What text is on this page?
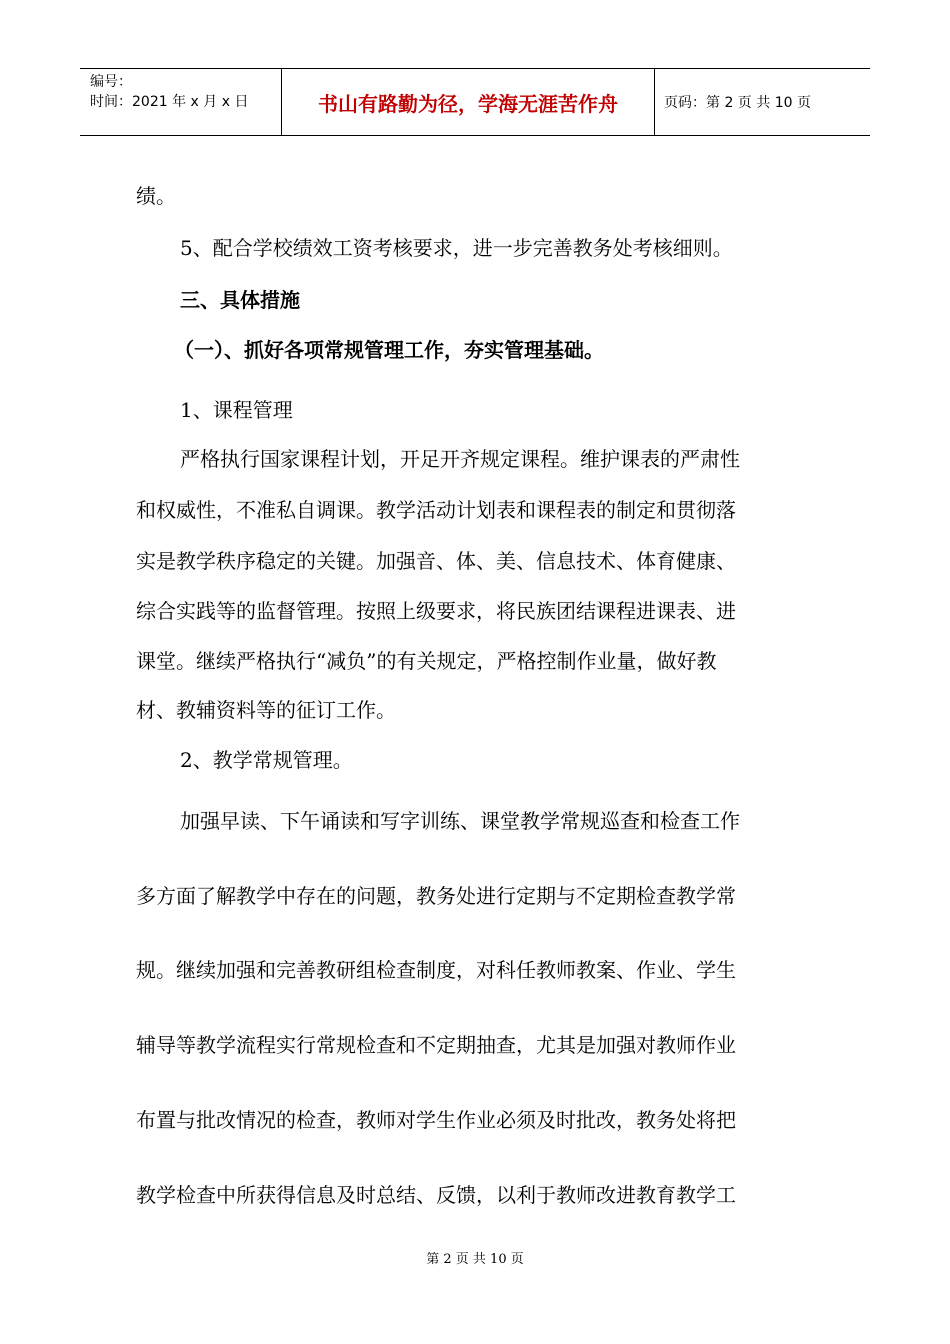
编号：
时间：2021 年 x 月 x 日	书山有路勤为径，学海无涯苦作舟	页码：第 2 页 共 10 页
绩。
5、配合学校绩效工资考核要求，进一步完善教务处考核细则。
三、具体措施
（一）、抓好各项常规管理工作，夯实管理基础。
1、课程管理
严格执行国家课程计划，开足开齐规定课程。维护课表的严肃性
和权威性，不准私自调课。教学活动计划表和课程表的制定和贯彻落
实是教学秩序稳定的关键。加强音、体、美、信息技术、体育健康、
综合实践等的监督管理。按照上级要求，将民族团结课程进课表、进
课堂。继续严格执行“减负”的有关规定，严格控制作业量，做好教
材、教辅资料等的征订工作。
2、教学常规管理。
加强早读、下午诵读和写字训练、课堂教学常规巡查和检查工作
多方面了解教学中存在的问题，教务处进行定期与不定期检查教学常
规。继续加强和完善教研组检查制度，对科任教师教案、作业、学生
辅导等教学流程实行常规检查和不定期抽查，尤其是加强对教师作业
布置与批改情况的检查，教师对学生作业必须及时批改，教务处将把
教学检查中所获得信息及时总结、反馈，以利于教师改进教育教学工
第 2 页 共 10 页
